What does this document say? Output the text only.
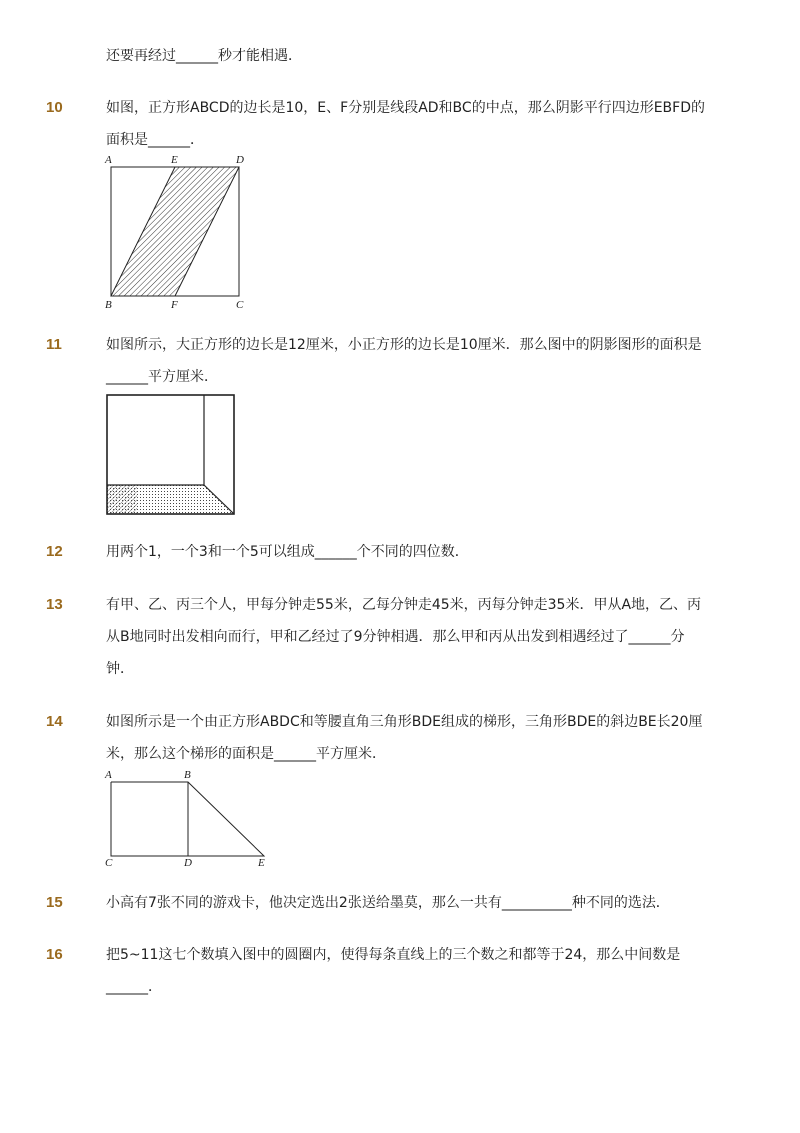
还要再经过______秒才能相遇．
10	如图，正方形ABCD的边长是10，E、F分别是线段AD和BC的中点，那么阴影平行四边形EBFD的
面积是______．
A	E	D
B	F	C
11	如图所示，大正方形的边长是12厘米，小正方形的边长是10厘米．那么图中的阴影图形的面积是
______平方厘米．
12	用两个1，一个3和一个5可以组成______个不同的四位数．
13	有甲、乙、丙三个人，甲每分钟走55米，乙每分钟走45米，丙每分钟走35米．甲从A地，乙、丙
从B地同时出发相向而行，甲和乙经过了9分钟相遇．那么甲和丙从出发到相遇经过了______分
钟．
14	如图所示是一个由正方形ABDC和等腰直角三角形BDE组成的梯形，三角形BDE的斜边BE长20厘
米，那么这个梯形的面积是______平方厘米．
A	B
C	D	E
15	小高有7张不同的游戏卡，他决定选出2张送给墨莫，那么一共有__________种不同的选法．
16	把5~11这七个数填入图中的圆圈内，使得每条直线上的三个数之和都等于24，那么中间数是
______．
